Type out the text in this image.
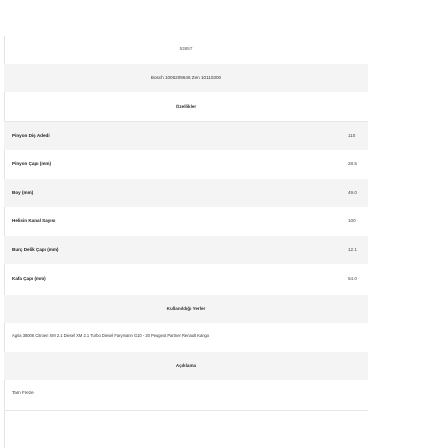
53657
Bosch 1006209646 Zen 10110300
Özellikler
Pinyon Diş Adedi	110
Pinyon Çapı (mm)	28.5
Boy (mm)	49.0
Helisin Kanal Sayısı	100
Burç Delik Çapı (mm)	12.1
Kafa Çapı (mm)	54.0
Kullanıldığı Yerler
Agria 38006 Citroen XM 2.1 Diesel XM 2.1 Turbo Diesel Farymann G10 - 20 Peugeot Partner Renault Kango
Açıklama
Tam Freze
